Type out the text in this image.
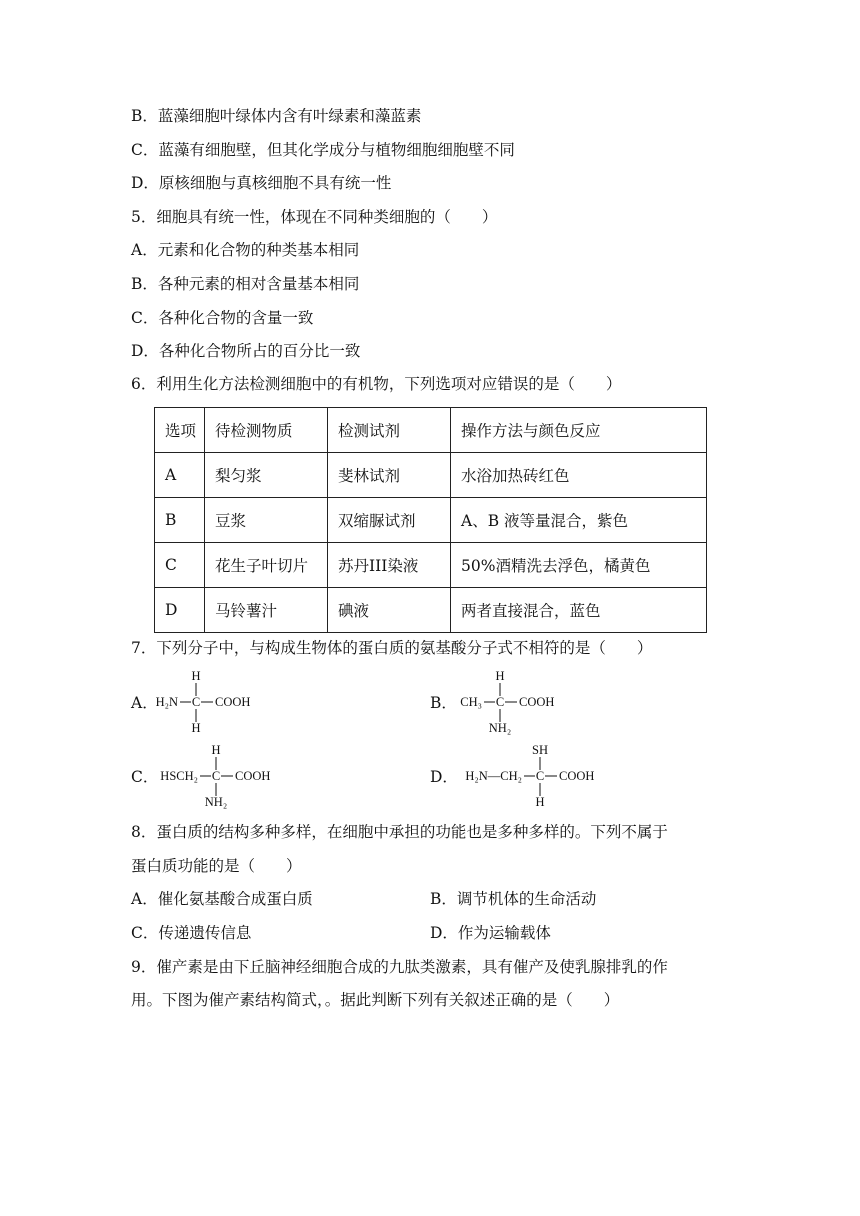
B．蓝藻细胞叶绿体内含有叶绿素和藻蓝素
C．蓝藻有细胞壁，但其化学成分与植物细胞细胞壁不同
D．原核细胞与真核细胞不具有统一性
5．细胞具有统一性，体现在不同种类细胞的（　　）
A．元素和化合物的种类基本相同
B．各种元素的相对含量基本相同
C．各种化合物的含量一致
D．各种化合物所占的百分比一致
6．利用生化方法检测细胞中的有机物，下列选项对应错误的是（　　）
选项	待检测物质	检测试剂	操作方法与颜色反应
A	梨匀浆	斐林试剂	水浴加热砖红色
B	豆浆	双缩脲试剂	A、B 液等量混合，紫色
C	花生子叶切片	苏丹III染液	50%酒精洗去浮色，橘黄色
D	马铃薯汁	碘液	两者直接混合，蓝色
7．下列分子中，与构成生物体的蛋白质的氨基酸分子式不相符的是（　　）
A．
H
H₂N C COOH
H
B．
H
CH₃ C COOH
NH₂
C．
H
HSCH₂ C COOH
NH₂
D．
SH
H₂N—CH₂ C COOH
H
8．蛋白质的结构多种多样，在细胞中承担的功能也是多种多样的。下列不属于
蛋白质功能的是（　　）
A．催化氨基酸合成蛋白质	B．调节机体的生命活动
C．传递遗传信息	D．作为运输载体
9．催产素是由下丘脑神经细胞合成的九肽类激素，具有催产及使乳腺排乳的作
用。下图为催产素结构简式，。据此判断下列有关叙述正确的是（　　）
